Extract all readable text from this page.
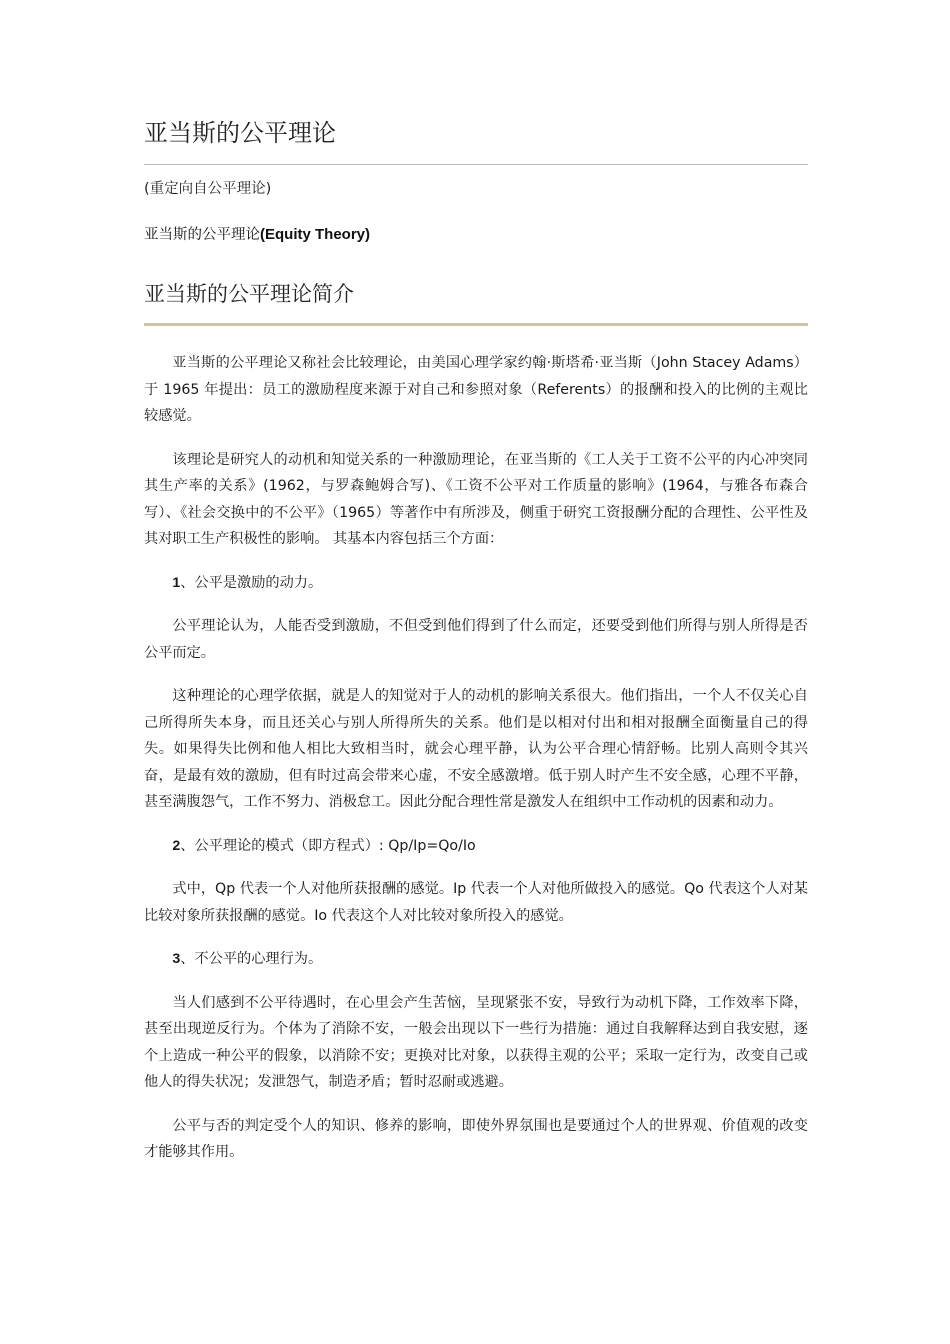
亚当斯的公平理论
(重定向自公平理论)
亚当斯的公平理论(Equity Theory)
亚当斯的公平理论简介

亚当斯的公平理论又称社会比较理论，由美国心理学家约翰·斯塔希·亚当斯（John Stacey Adams）于 1965 年提出：员工的激励程度来源于对自己和参照对象（Referents）的报酬和投入的比例的主观比较感觉。

该理论是研究人的动机和知觉关系的一种激励理论，在亚当斯的《工人关于工资不公平的内心冲突同其生产率的关系》(1962，与罗森鲍姆合写)、《工资不公平对工作质量的影响》(1964，与雅各布森合写）、《社会交换中的不公平》（1965）等著作中有所涉及，侧重于研究工资报酬分配的合理性、公平性及其对职工生产积极性的影响。 其基本内容包括三个方面：

1、公平是激励的动力。

公平理论认为，人能否受到激励，不但受到他们得到了什么而定，还要受到他们所得与别人所得是否公平而定。

这种理论的心理学依据，就是人的知觉对于人的动机的影响关系很大。他们指出，一个人不仅关心自己所得所失本身，而且还关心与别人所得所失的关系。他们是以相对付出和相对报酬全面衡量自己的得失。如果得失比例和他人相比大致相当时，就会心理平静，认为公平合理心情舒畅。比别人高则令其兴奋，是最有效的激励，但有时过高会带来心虚，不安全感激增。低于别人时产生不安全感，心理不平静，甚至满腹怨气，工作不努力、消极怠工。因此分配合理性常是激发人在组织中工作动机的因素和动力。

2、公平理论的模式（即方程式）: Qp/Ip=Qo/Io

式中，Qp 代表一个人对他所获报酬的感觉。Ip 代表一个人对他所做投入的感觉。Qo 代表这个人对某比较对象所获报酬的感觉。Io 代表这个人对比较对象所投入的感觉。

3、不公平的心理行为。

当人们感到不公平待遇时，在心里会产生苦恼，呈现紧张不安，导致行为动机下降，工作效率下降，甚至出现逆反行为。个体为了消除不安，一般会出现以下一些行为措施：通过自我解释达到自我安慰，逐个上造成一种公平的假象，以消除不安；更换对比对象，以获得主观的公平；采取一定行为，改变自己或他人的得失状况；发泄怨气，制造矛盾；暂时忍耐或逃避。

公平与否的判定受个人的知识、修养的影响，即使外界氛围也是要通过个人的世界观、价值观的改变才能够其作用。
